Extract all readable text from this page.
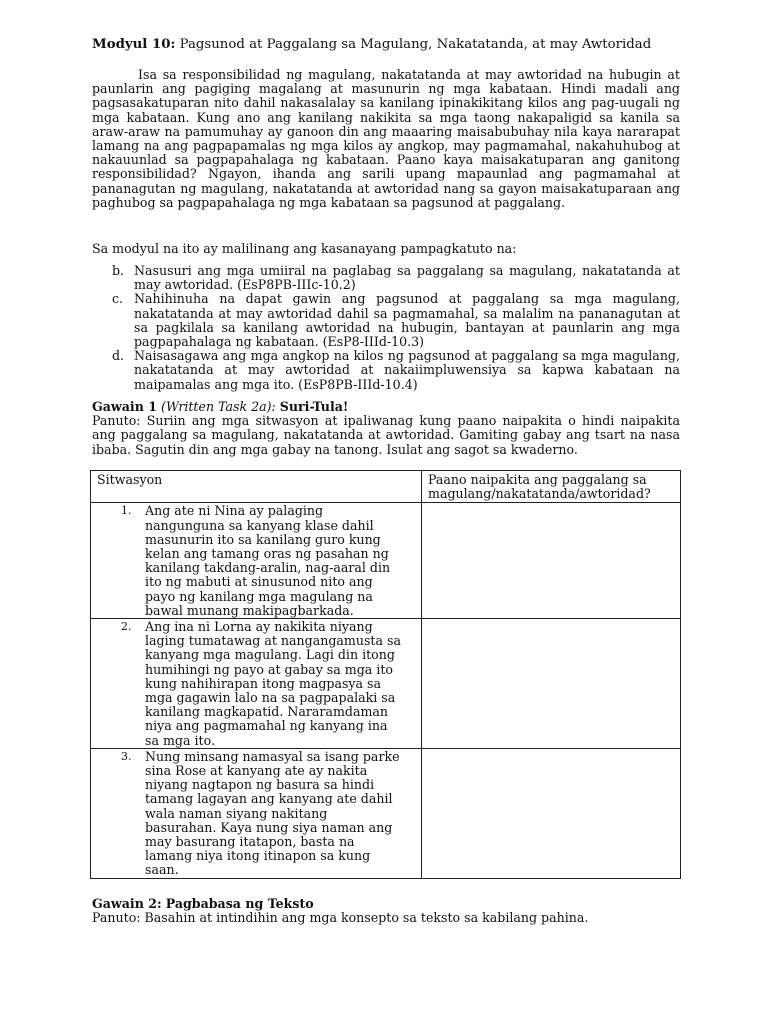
Modyul 10: Pagsunod at Paggalang sa Magulang, Nakatatanda, at may Awtoridad
Isa sa responsibilidad ng magulang, nakatatanda at may awtoridad na hubugin at paunlarin ang pagiging magalang at masunurin ng mga kabataan. Hindi madali ang pagsasakatuparan nito dahil nakasalalay sa kanilang ipinakikitang kilos ang pag-uugali ng mga kabataan. Kung ano ang kanilang nakikita sa mga taong nakapaligid sa kanila sa araw-araw na pamumuhay ay ganoon din ang maaaring maisabubuhay nila kaya nararapat lamang na ang pagpapamalas ng mga kilos ay angkop, may pagmamahal, nakahuhubog at nakauunlad sa pagpapahalaga ng kabataan. Paano kaya maisakatuparan ang ganitong responsibilidad? Ngayon, ihanda ang sarili upang mapaunlad ang pagmamahal at pananagutan ng magulang, nakatatanda at awtoridad nang sa gayon maisakatuparaan ang paghubog sa pagpapahalaga ng mga kabataan sa pagsunod at paggalang.
Sa modyul na ito ay malilinang ang kasanayang pampagkatuto na:
b. Nasusuri ang mga umiiral na paglabag sa paggalang sa magulang, nakatatanda at may awtoridad. (EsP8PB-IIIc-10.2)
c. Nahihinuha na dapat gawin ang pagsunod at paggalang sa mga magulang, nakatatanda at may awtoridad dahil sa pagmamahal, sa malalim na pananagutan at sa pagkilala sa kanilang awtoridad na hubugin, bantayan at paunlarin ang mga pagpapahalaga ng kabataan. (EsP8-IIId-10.3)
d. Naisasagawa ang mga angkop na kilos ng pagsunod at paggalang sa mga magulang, nakatatanda at may awtoridad at nakaiimpluwensiya sa kapwa kabataan na maipamalas ang mga ito. (EsP8PB-IIId-10.4)
Gawain 1 (Written Task 2a): Suri-Tula!
Panuto: Suriin ang mga sitwasyon at ipaliwanag kung paano naipakita o hindi naipakita ang paggalang sa magulang, nakatatanda at awtoridad. Gamiting gabay ang tsart na nasa ibaba. Sagutin din ang mga gabay na tanong. Isulat ang sagot sa kwaderno.
Sitwasyon	Paano naipakita ang paggalang sa magulang/nakatatanda/awtoridad?

1. Ang ate ni Nina ay palaging nangunguna sa kanyang klase dahil masunurin ito sa kanilang guro kung kelan ang tamang oras ng pasahan ng kanilang takdang-aralin, nag-aaral din ito ng mabuti at sinusunod nito ang payo ng kanilang mga magulang na bawal munang makipagbarkada.	

2. Ang ina ni Lorna ay nakikita niyang laging tumatawag at nangangamusta sa kanyang mga magulang. Lagi din itong humihingi ng payo at gabay sa mga ito kung nahihirapan itong magpasya sa mga gagawin lalo na sa pagpapalaki sa kanilang magkapatid. Nararamdaman niya ang pagmamahal ng kanyang ina sa mga ito.	

3. Nung minsang namasyal sa isang parke sina Rose at kanyang ate ay nakita niyang nagtapon ng basura sa hindi tamang lagayan ang kanyang ate dahil wala naman siyang nakitang basurahan. Kaya nung siya naman ang may basurang itatapon, basta na lamang niya itong itinapon sa kung saan.	

Gawain 2: Pagbabasa ng Teksto
Panuto: Basahin at intindihin ang mga konsepto sa teksto sa kabilang pahina.
